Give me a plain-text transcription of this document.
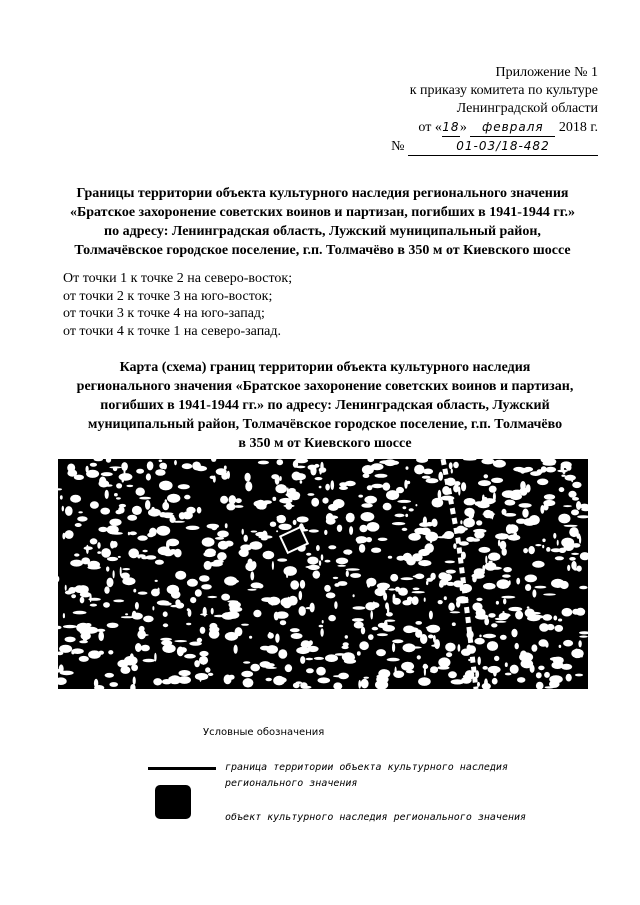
Приложение № 1
к приказу комитета по культуре
Ленинградской области
от «18» февраля 2018 г.
№	01-03/18-482
Границы территории объекта культурного наследия регионального значения
«Братское захоронение советских воинов и партизан, погибших в 1941-1944 гг.»
по адресу: Ленинградская область, Лужский муниципальный район,
Толмачёвское городское поселение, г.п. Толмачёво в 350 м от Киевского шоссе
От точки 1 к точке 2 на северо-восток;
от точки 2 к точке 3 на юго-восток;
от точки 3 к точке 4 на юго-запад;
от точки 4 к точке 1 на северо-запад.
Карта (схема) границ территории объекта культурного наследия
регионального значения «Братское захоронение советских воинов и партизан,
погибших в 1941-1944 гг.» по адресу: Ленинградская область, Лужский
муниципальный район, Толмачёвское городское поселение, г.п. Толмачёво
в 350 м от Киевского шоссе
Условные обозначения
граница территории объекта культурного наследия
регионального значения
объект культурного наследия регионального значения
